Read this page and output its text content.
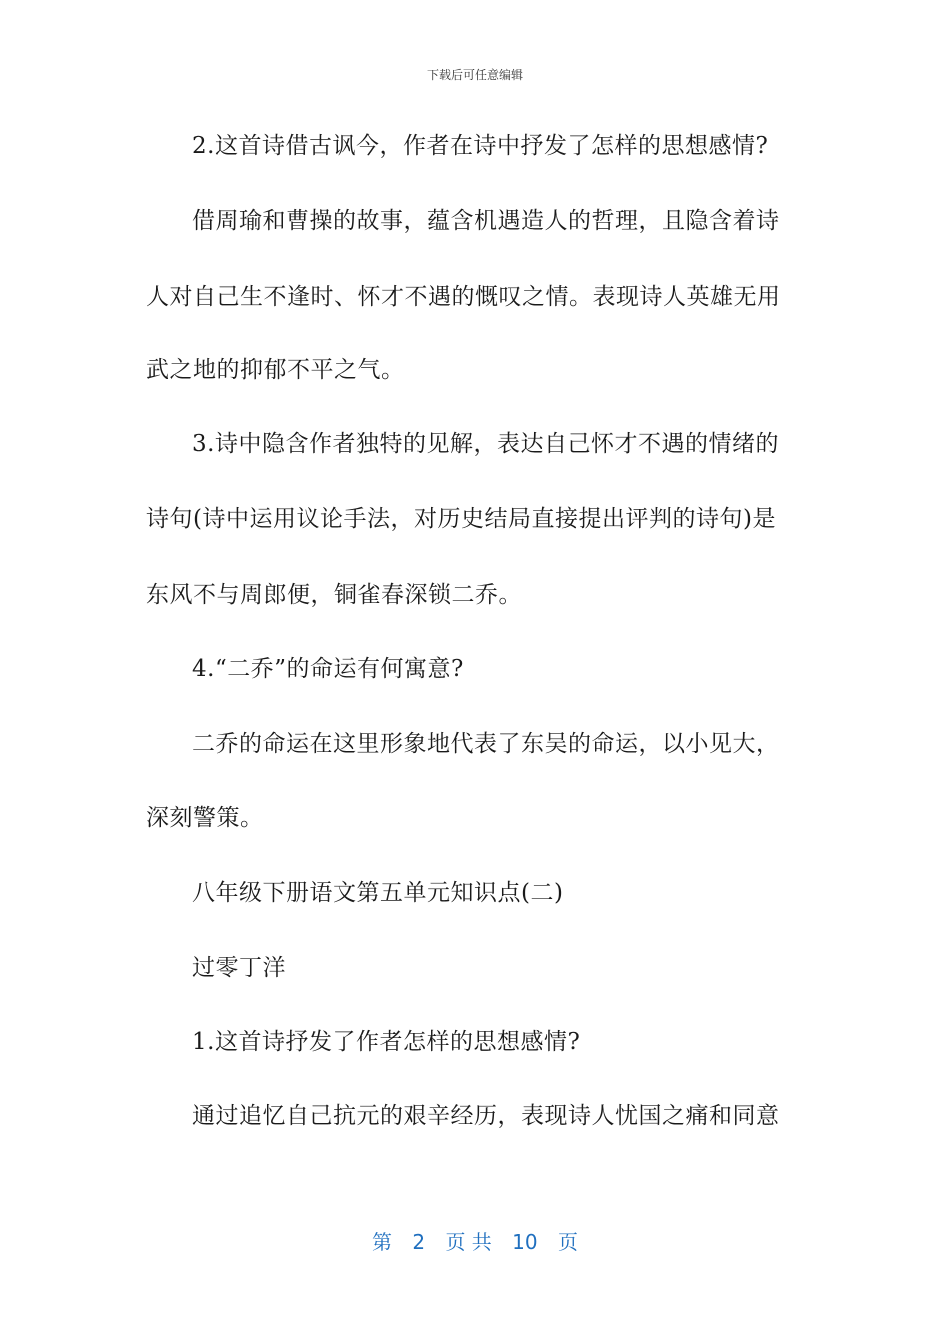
下载后可任意编辑
2.这首诗借古讽今，作者在诗中抒发了怎样的思想感情?
借周瑜和曹操的故事，蕴含机遇造人的哲理，且隐含着诗
人对自己生不逢时、怀才不遇的慨叹之情。表现诗人英雄无用
武之地的抑郁不平之气。
3.诗中隐含作者独特的见解，表达自己怀才不遇的情绪的
诗句(诗中运用议论手法，对历史结局直接提出评判的诗句)是
东风不与周郎便，铜雀春深锁二乔。
4.“二乔”的命运有何寓意?
二乔的命运在这里形象地代表了东吴的命运，以小见大，
深刻警策。
八年级下册语文第五单元知识点(二)
过零丁洋
1.这首诗抒发了作者怎样的思想感情?
通过追忆自己抗元的艰辛经历，表现诗人忧国之痛和同意
第 2 页 共 10 页
